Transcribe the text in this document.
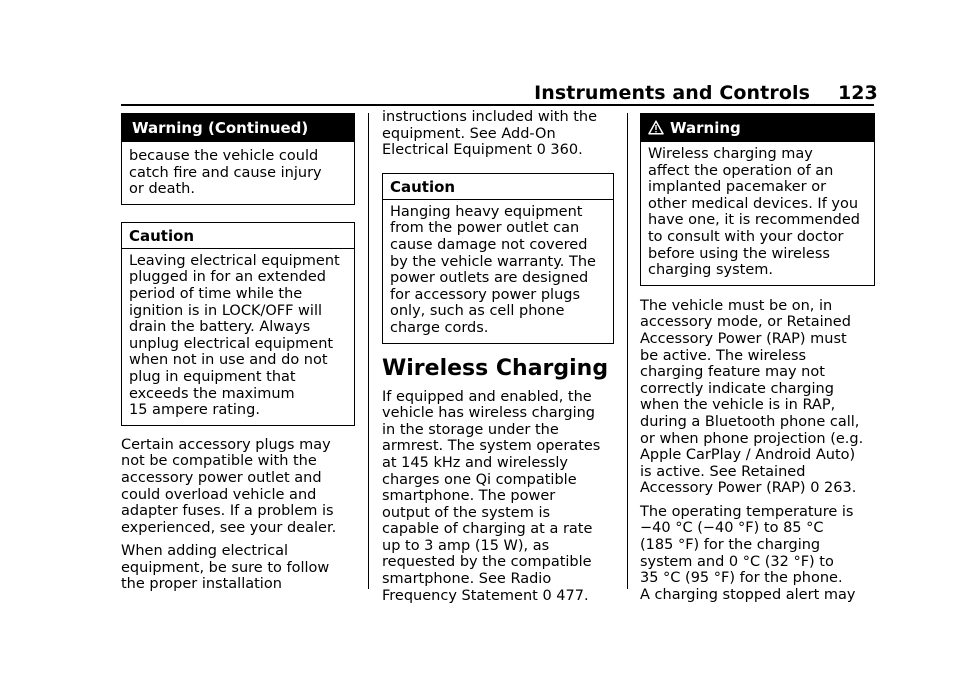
Instruments and Controls 123
Warning (Continued)
because the vehicle could
catch fire and cause injury
or death.
Caution
Leaving electrical equipment
plugged in for an extended
period of time while the
ignition is in LOCK/OFF will
drain the battery. Always
unplug electrical equipment
when not in use and do not
plug in equipment that
exceeds the maximum
15 ampere rating.
Certain accessory plugs may
not be compatible with the
accessory power outlet and
could overload vehicle and
adapter fuses. If a problem is
experienced, see your dealer.
When adding electrical
equipment, be sure to follow
the proper installation
instructions included with the
equipment. See Add-On
Electrical Equipment 0 360.
Caution
Hanging heavy equipment
from the power outlet can
cause damage not covered
by the vehicle warranty. The
power outlets are designed
for accessory power plugs
only, such as cell phone
charge cords.
Wireless Charging
If equipped and enabled, the
vehicle has wireless charging
in the storage under the
armrest. The system operates
at 145 kHz and wirelessly
charges one Qi compatible
smartphone. The power
output of the system is
capable of charging at a rate
up to 3 amp (15 W), as
requested by the compatible
smartphone. See Radio
Frequency Statement 0 477.
Warning
Wireless charging may
affect the operation of an
implanted pacemaker or
other medical devices. If you
have one, it is recommended
to consult with your doctor
before using the wireless
charging system.
The vehicle must be on, in
accessory mode, or Retained
Accessory Power (RAP) must
be active. The wireless
charging feature may not
correctly indicate charging
when the vehicle is in RAP,
during a Bluetooth phone call,
or when phone projection (e.g.
Apple CarPlay / Android Auto)
is active. See Retained
Accessory Power (RAP) 0 263.
The operating temperature is
−40 °C (−40 °F) to 85 °C
(185 °F) for the charging
system and 0 °C (32 °F) to
35 °C (95 °F) for the phone.
A charging stopped alert may
